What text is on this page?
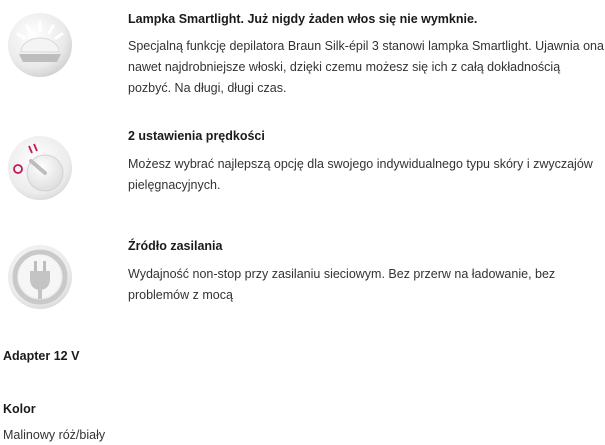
Lampka Smartlight. Już nigdy żaden włos się nie wymknie.
Specjalną funkcję depilatora Braun Silk-épil 3 stanowi lampka Smartlight. Ujawnia ona nawet najdrobniejsze włoski, dzięki czemu możesz się ich z całą dokładnością pozbyć. Na długi, długi czas.
2 ustawienia prędkości
Możesz wybrać najlepszą opcję dla swojego indywidualnego typu skóry i zwyczajów pielęgnacyjnych.
Źródło zasilania
Wydajność non-stop przy zasilaniu sieciowym. Bez przerw na ładowanie, bez problemów z mocą
Adapter 12 V
Kolor
Malinowy róż/biały
